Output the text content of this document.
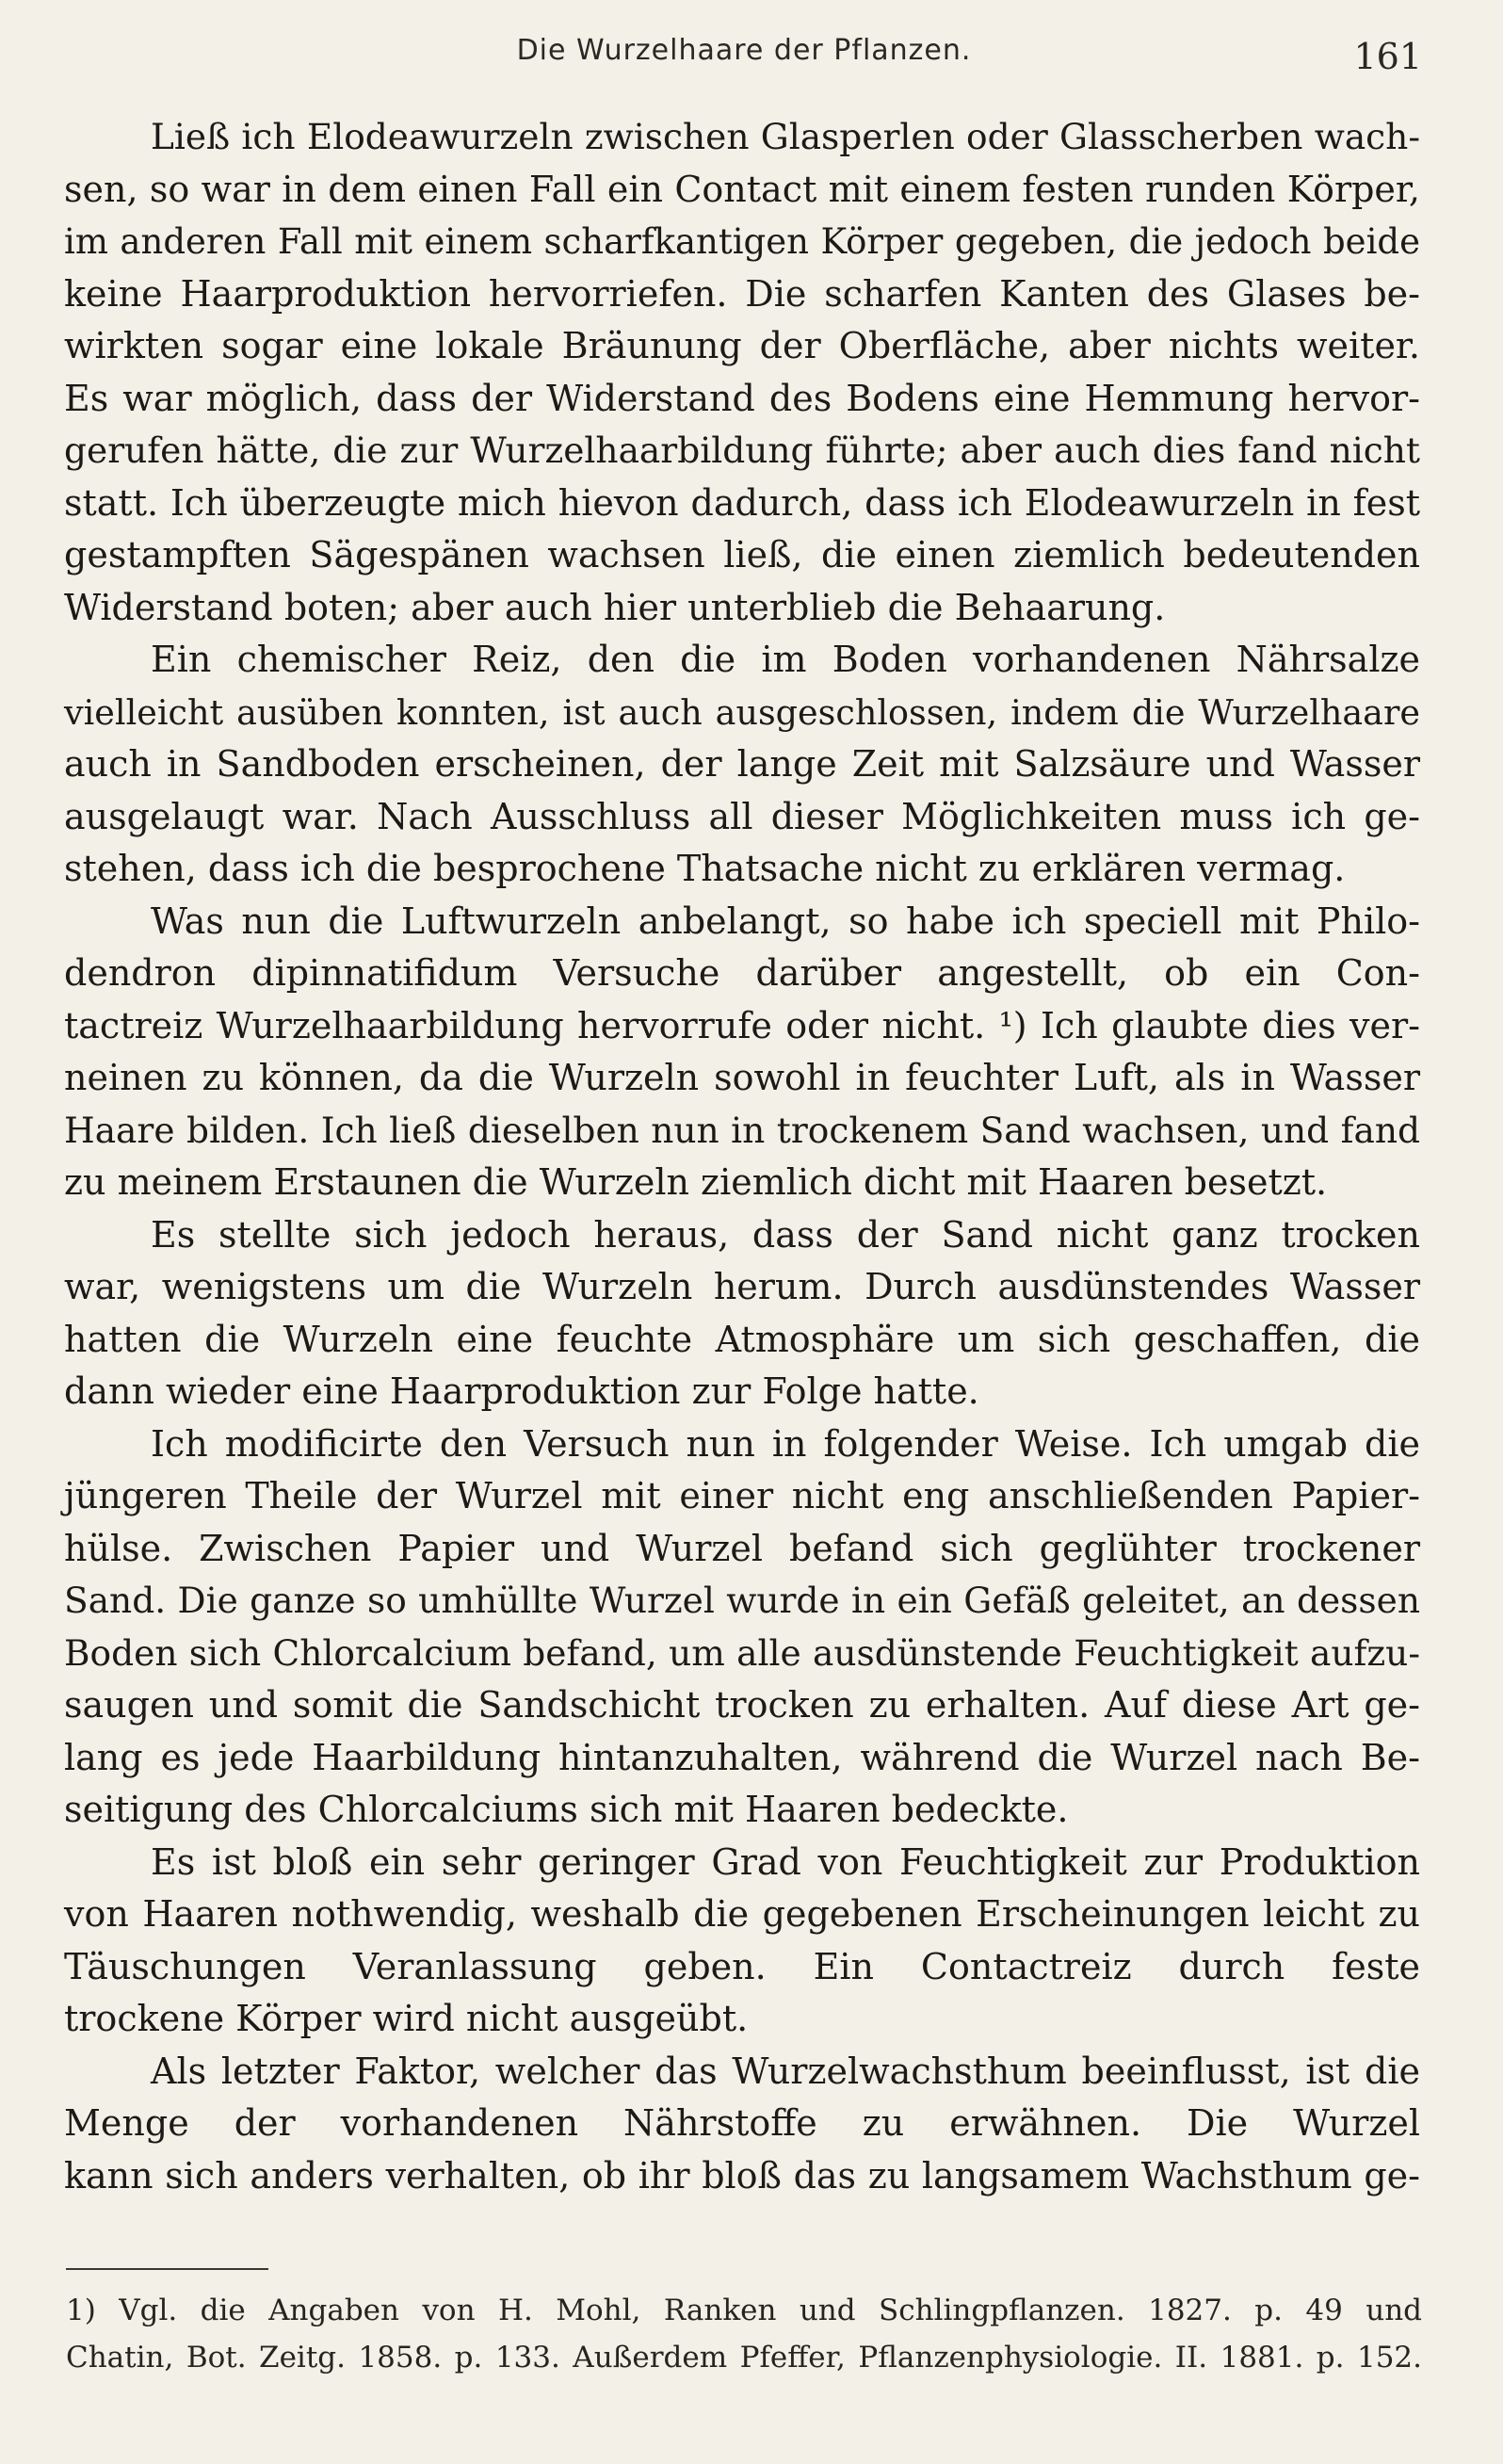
Die Wurzelhaare der Pflanzen.	161
Ließ ich Elodeawurzeln zwischen Glasperlen oder Glasscherben wach-
sen, so war in dem einen Fall ein Contact mit einem festen runden Körper,
im anderen Fall mit einem scharfkantigen Körper gegeben, die jedoch beide
keine Haarproduktion hervorriefen. Die scharfen Kanten des Glases be-
wirkten sogar eine lokale Bräunung der Oberfläche, aber nichts weiter.
Es war möglich, dass der Widerstand des Bodens eine Hemmung hervor-
gerufen hätte, die zur Wurzelhaarbildung führte; aber auch dies fand nicht
statt. Ich überzeugte mich hievon dadurch, dass ich Elodeawurzeln in fest
gestampften Sägespänen wachsen ließ, die einen ziemlich bedeutenden
Widerstand boten; aber auch hier unterblieb die Behaarung.
Ein chemischer Reiz, den die im Boden vorhandenen Nährsalze
vielleicht ausüben konnten, ist auch ausgeschlossen, indem die Wurzelhaare
auch in Sandboden erscheinen, der lange Zeit mit Salzsäure und Wasser
ausgelaugt war. Nach Ausschluss all dieser Möglichkeiten muss ich ge-
stehen, dass ich die besprochene Thatsache nicht zu erklären vermag.
Was nun die Luftwurzeln anbelangt, so habe ich speciell mit Philo-
dendron dipinnatifidum Versuche darüber angestellt, ob ein Con-
tactreiz Wurzelhaarbildung hervorrufe oder nicht. ¹) Ich glaubte dies ver-
neinen zu können, da die Wurzeln sowohl in feuchter Luft, als in Wasser
Haare bilden. Ich ließ dieselben nun in trockenem Sand wachsen, und fand
zu meinem Erstaunen die Wurzeln ziemlich dicht mit Haaren besetzt.
Es stellte sich jedoch heraus, dass der Sand nicht ganz trocken
war, wenigstens um die Wurzeln herum. Durch ausdünstendes Wasser
hatten die Wurzeln eine feuchte Atmosphäre um sich geschaffen, die
dann wieder eine Haarproduktion zur Folge hatte.
Ich modificirte den Versuch nun in folgender Weise. Ich umgab die
jüngeren Theile der Wurzel mit einer nicht eng anschließenden Papier-
hülse. Zwischen Papier und Wurzel befand sich geglühter trockener
Sand. Die ganze so umhüllte Wurzel wurde in ein Gefäß geleitet, an dessen
Boden sich Chlorcalcium befand, um alle ausdünstende Feuchtigkeit aufzu-
saugen und somit die Sandschicht trocken zu erhalten. Auf diese Art ge-
lang es jede Haarbildung hintanzuhalten, während die Wurzel nach Be-
seitigung des Chlorcalciums sich mit Haaren bedeckte.
Es ist bloß ein sehr geringer Grad von Feuchtigkeit zur Produktion
von Haaren nothwendig, weshalb die gegebenen Erscheinungen leicht zu
Täuschungen Veranlassung geben. Ein Contactreiz durch feste
trockene Körper wird nicht ausgeübt.
Als letzter Faktor, welcher das Wurzelwachsthum beeinflusst, ist die
Menge der vorhandenen Nährstoffe zu erwähnen. Die Wurzel
kann sich anders verhalten, ob ihr bloß das zu langsamem Wachsthum ge-
1) Vgl. die Angaben von H. Mohl, Ranken und Schlingpflanzen. 1827. p. 49 und
Chatin, Bot. Zeitg. 1858. p. 133. Außerdem Pfeffer, Pflanzenphysiologie. II. 1881. p. 152.
